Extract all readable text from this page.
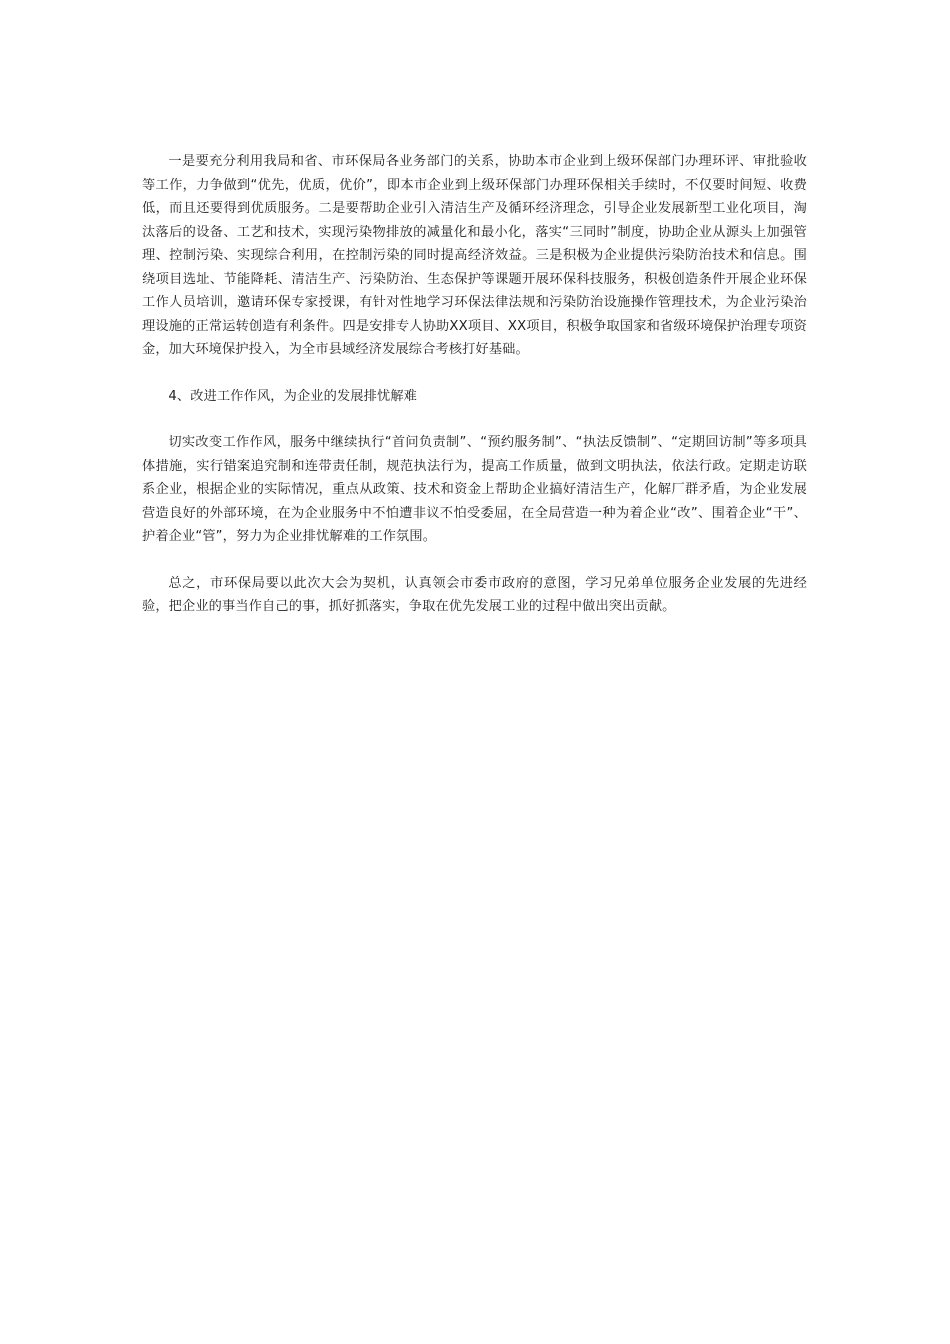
一是要充分利用我局和省、市环保局各业务部门的关系，协助本市企业到上级环保部门办理环评、审批验收等工作，力争做到“优先，优质，优价”，即本市企业到上级环保部门办理环保相关手续时，不仅要时间短、收费低，而且还要得到优质服务。二是要帮助企业引入清洁生产及循环经济理念，引导企业发展新型工业化项目，淘汰落后的设备、工艺和技术，实现污染物排放的减量化和最小化，落实“三同时”制度，协助企业从源头上加强管理、控制污染、实现综合利用，在控制污染的同时提高经济效益。三是积极为企业提供污染防治技术和信息。围绕项目选址、节能降耗、清洁生产、污染防治、生态保护等课题开展环保科技服务，积极创造条件开展企业环保工作人员培训，邀请环保专家授课，有针对性地学习环保法律法规和污染防治设施操作管理技术，为企业污染治理设施的正常运转创造有利条件。四是安排专人协助XX项目、XX项目，积极争取国家和省级环境保护治理专项资金，加大环境保护投入，为全市县域经济发展综合考核打好基础。

4、改进工作作风，为企业的发展排忧解难

切实改变工作作风，服务中继续执行“首问负责制”、“预约服务制”、“执法反馈制”、“定期回访制”等多项具体措施，实行错案追究制和连带责任制，规范执法行为，提高工作质量，做到文明执法，依法行政。定期走访联系企业，根据企业的实际情况，重点从政策、技术和资金上帮助企业搞好清洁生产，化解厂群矛盾，为企业发展营造良好的外部环境，在为企业服务中不怕遭非议不怕受委屈，在全局营造一种为着企业“改”、围着企业“干”、护着企业“管”，努力为企业排忧解难的工作氛围。

总之，市环保局要以此次大会为契机，认真领会市委市政府的意图，学习兄弟单位服务企业发展的先进经验，把企业的事当作自己的事，抓好抓落实，争取在优先发展工业的过程中做出突出贡献。
